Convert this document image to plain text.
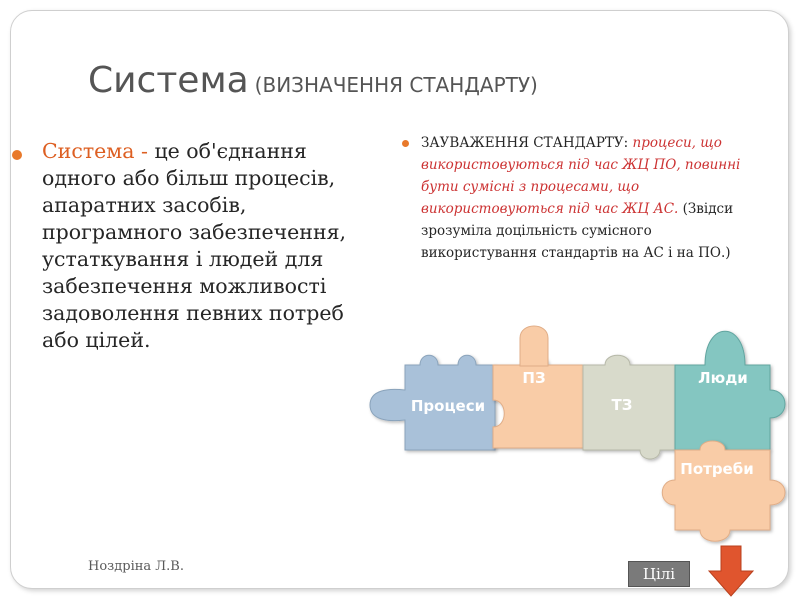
Система (ВИЗНАЧЕННЯ СТАНДАРТУ)

Система - це об'єднання одного або більш процесів, апаратних засобів, програмного забезпечення, устаткування і людей для забезпечення можливості задоволення певних потреб або цілей.

ЗАУВАЖЕННЯ СТАНДАРТУ: процеси, що використовуються під час ЖЦ ПО, повинні бути сумісні з процесами, що використовуються під час ЖЦ АС. (Звідси зрозуміла доцільність сумісного використування стандартів на АС і на ПО.)

Процеси
ПЗ
ТЗ
Люди
Потреби
Ноздріна Л.В.	Цілі
